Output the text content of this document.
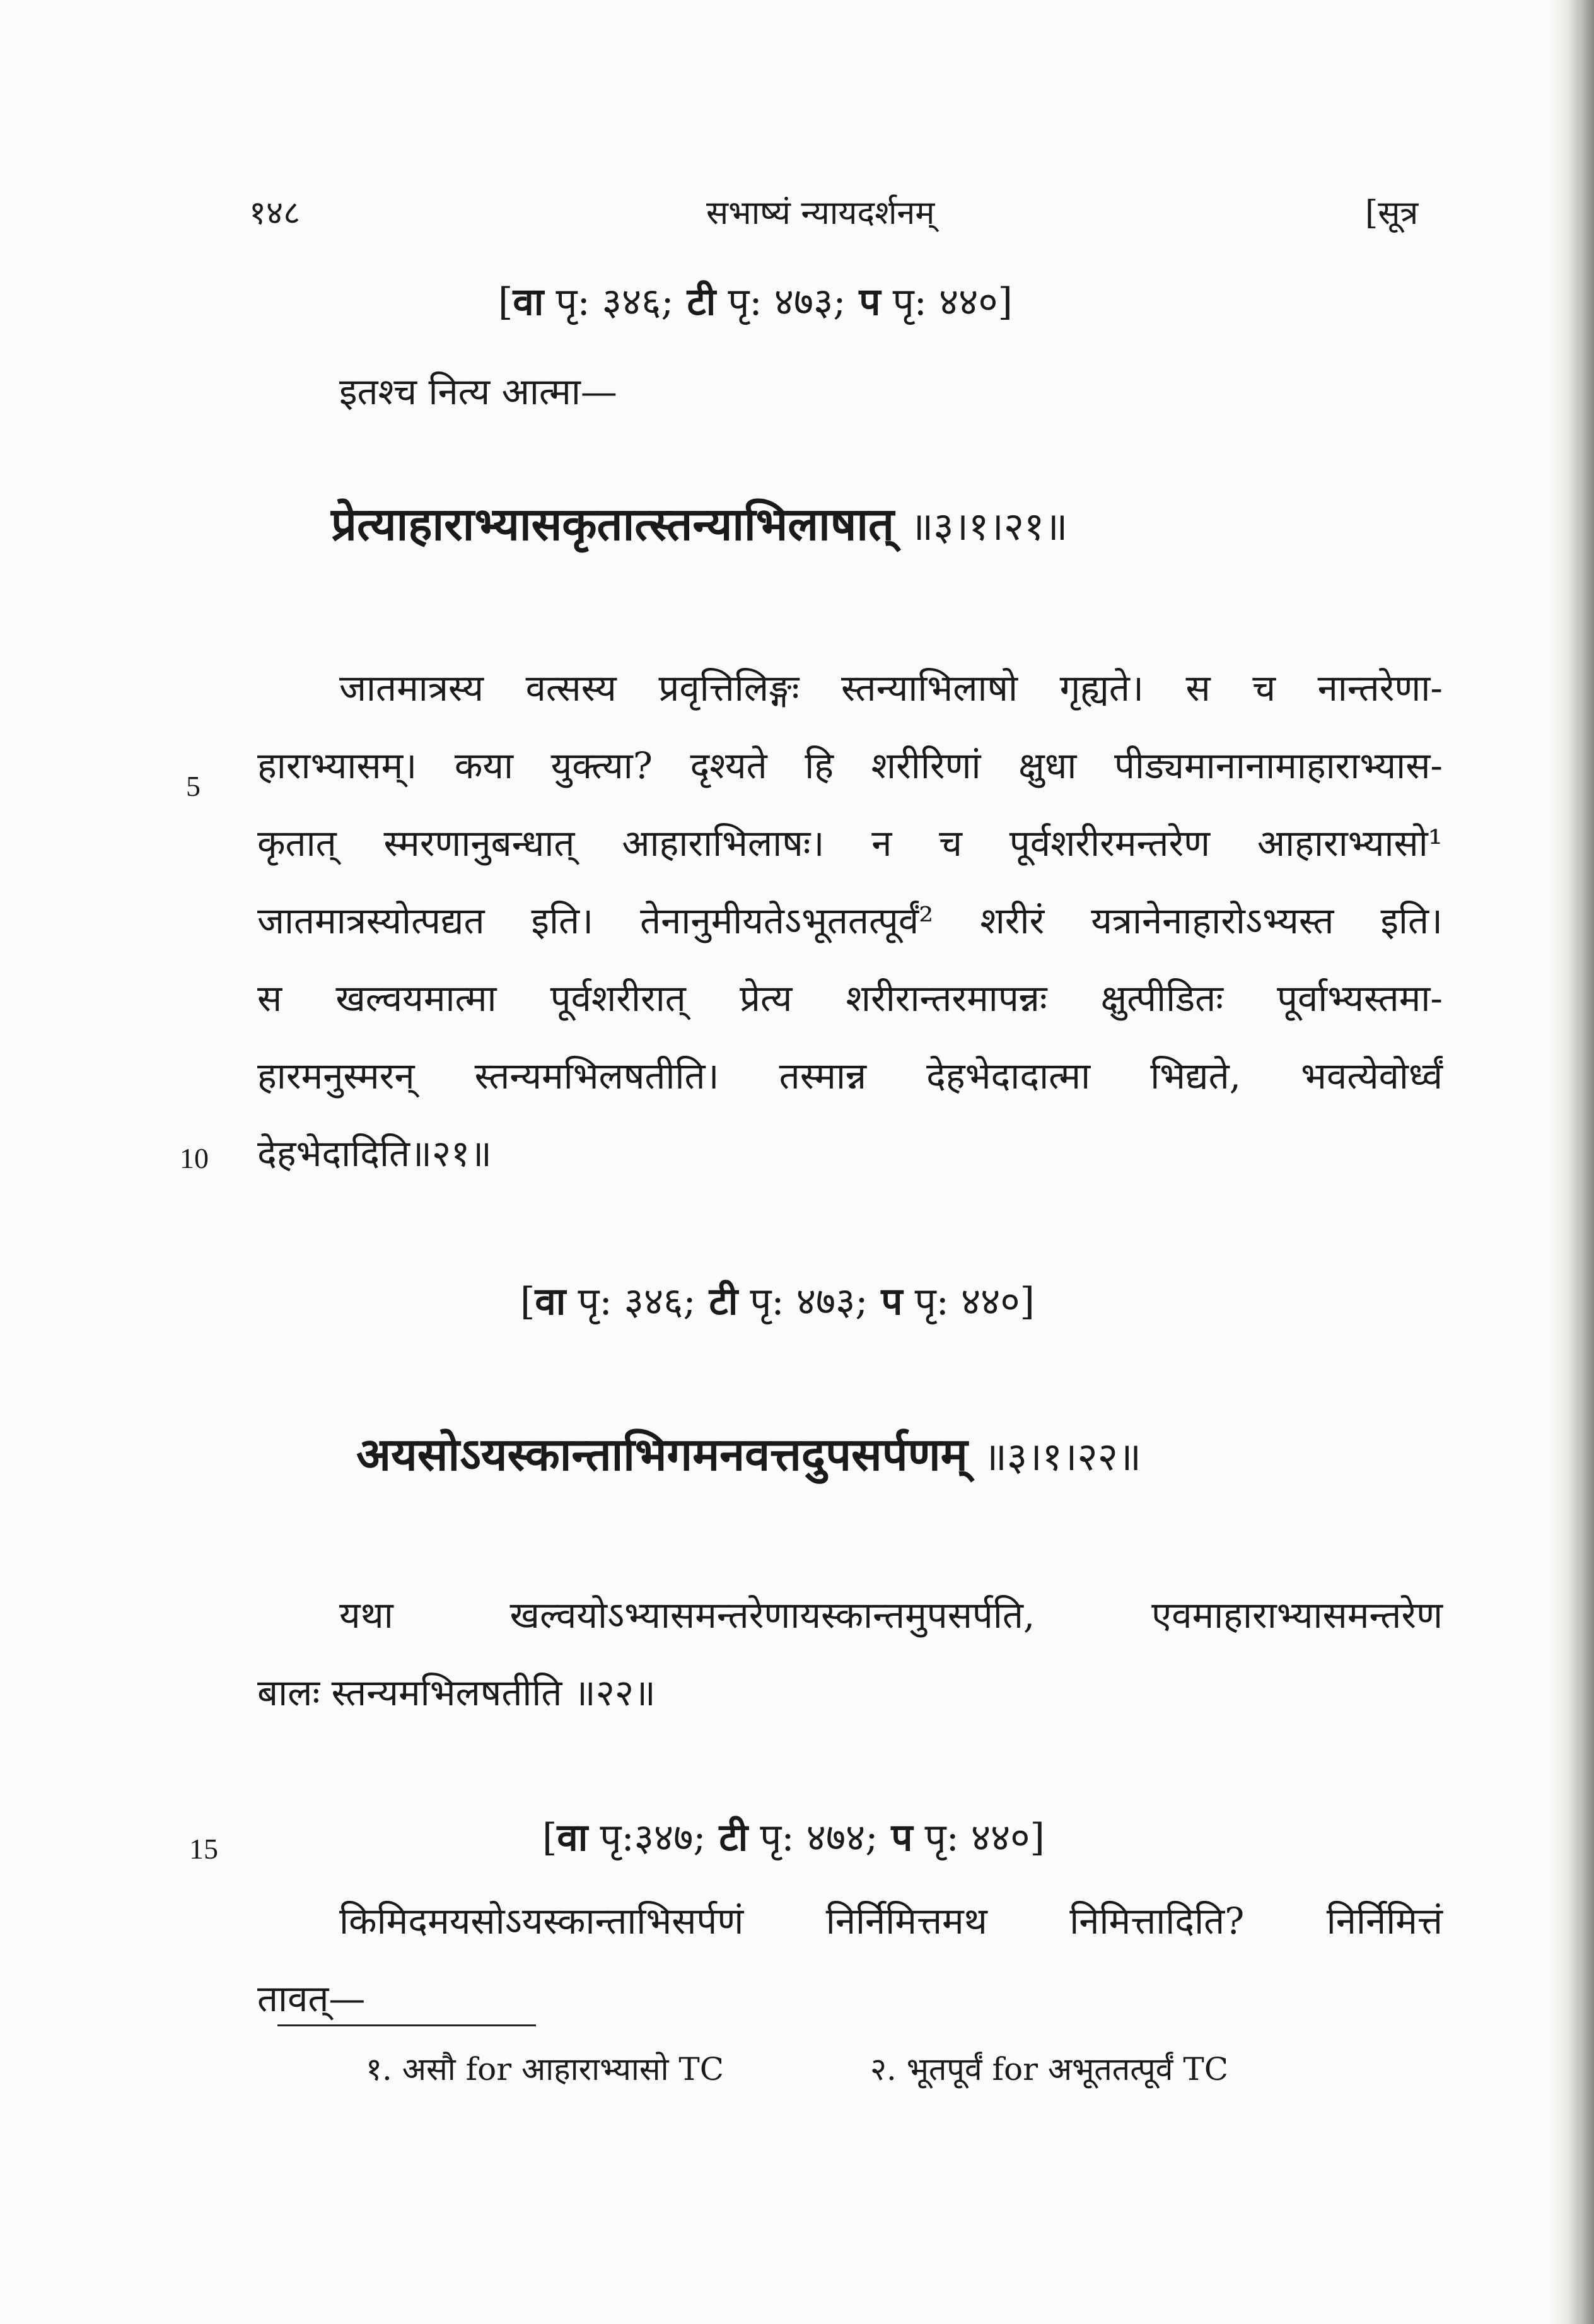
१४८	सभाष्यं न्यायदर्शनम्	[सूत्र
[वा पृ: ३४६; टी पृ: ४७३; प पृ: ४४०]
इतश्च नित्य आत्मा—
प्रेत्याहाराभ्यासकृतात्स्तन्याभिलाषात् ॥३।१।२१॥
जातमात्रस्य वत्सस्य प्रवृत्तिलिङ्गः स्तन्याभिलाषो गृह्यते। स च नान्तरेणा-
हाराभ्यासम्। कया युक्त्या? दृश्यते हि शरीरिणां क्षुधा पीड्यमानानामाहाराभ्यास-
कृतात् स्मरणानुबन्धात् आहाराभिलाषः। न च पूर्वशरीरमन्तरेण आहाराभ्यासो¹
जातमात्रस्योत्पद्यत इति। तेनानुमीयतेऽभूततत्पूर्वं² शरीरं यत्रानेनाहारोऽभ्यस्त इति।
स खल्वयमात्मा पूर्वशरीरात् प्रेत्य शरीरान्तरमापन्नः क्षुत्पीडितः पूर्वाभ्यस्तमा-
हारमनुस्मरन् स्तन्यमभिलषतीति। तस्मान्न देहभेदादात्मा भिद्यते, भवत्येवोर्ध्वं
देहभेदादिति॥२१॥
5
10
[वा पृ: ३४६; टी पृ: ४७३; प पृ: ४४०]
अयसोऽयस्कान्ताभिगमनवत्तदुपसर्पणम् ॥३।१।२२॥
यथा खल्वयोऽभ्यासमन्तरेणायस्कान्तमुपसर्पति, एवमाहाराभ्यासमन्तरेण
बालः स्तन्यमभिलषतीति ॥२२॥
[वा पृ:३४७; टी पृ: ४७४; प पृ: ४४०]
15
किमिदमयसोऽयस्कान्ताभिसर्पणं निर्निमित्तमथ निमित्तादिति? निर्निमित्तं
तावत्—
१. असौ for आहाराभ्यासो TC	२. भूतपूर्वं for अभूततत्पूर्वं TC
